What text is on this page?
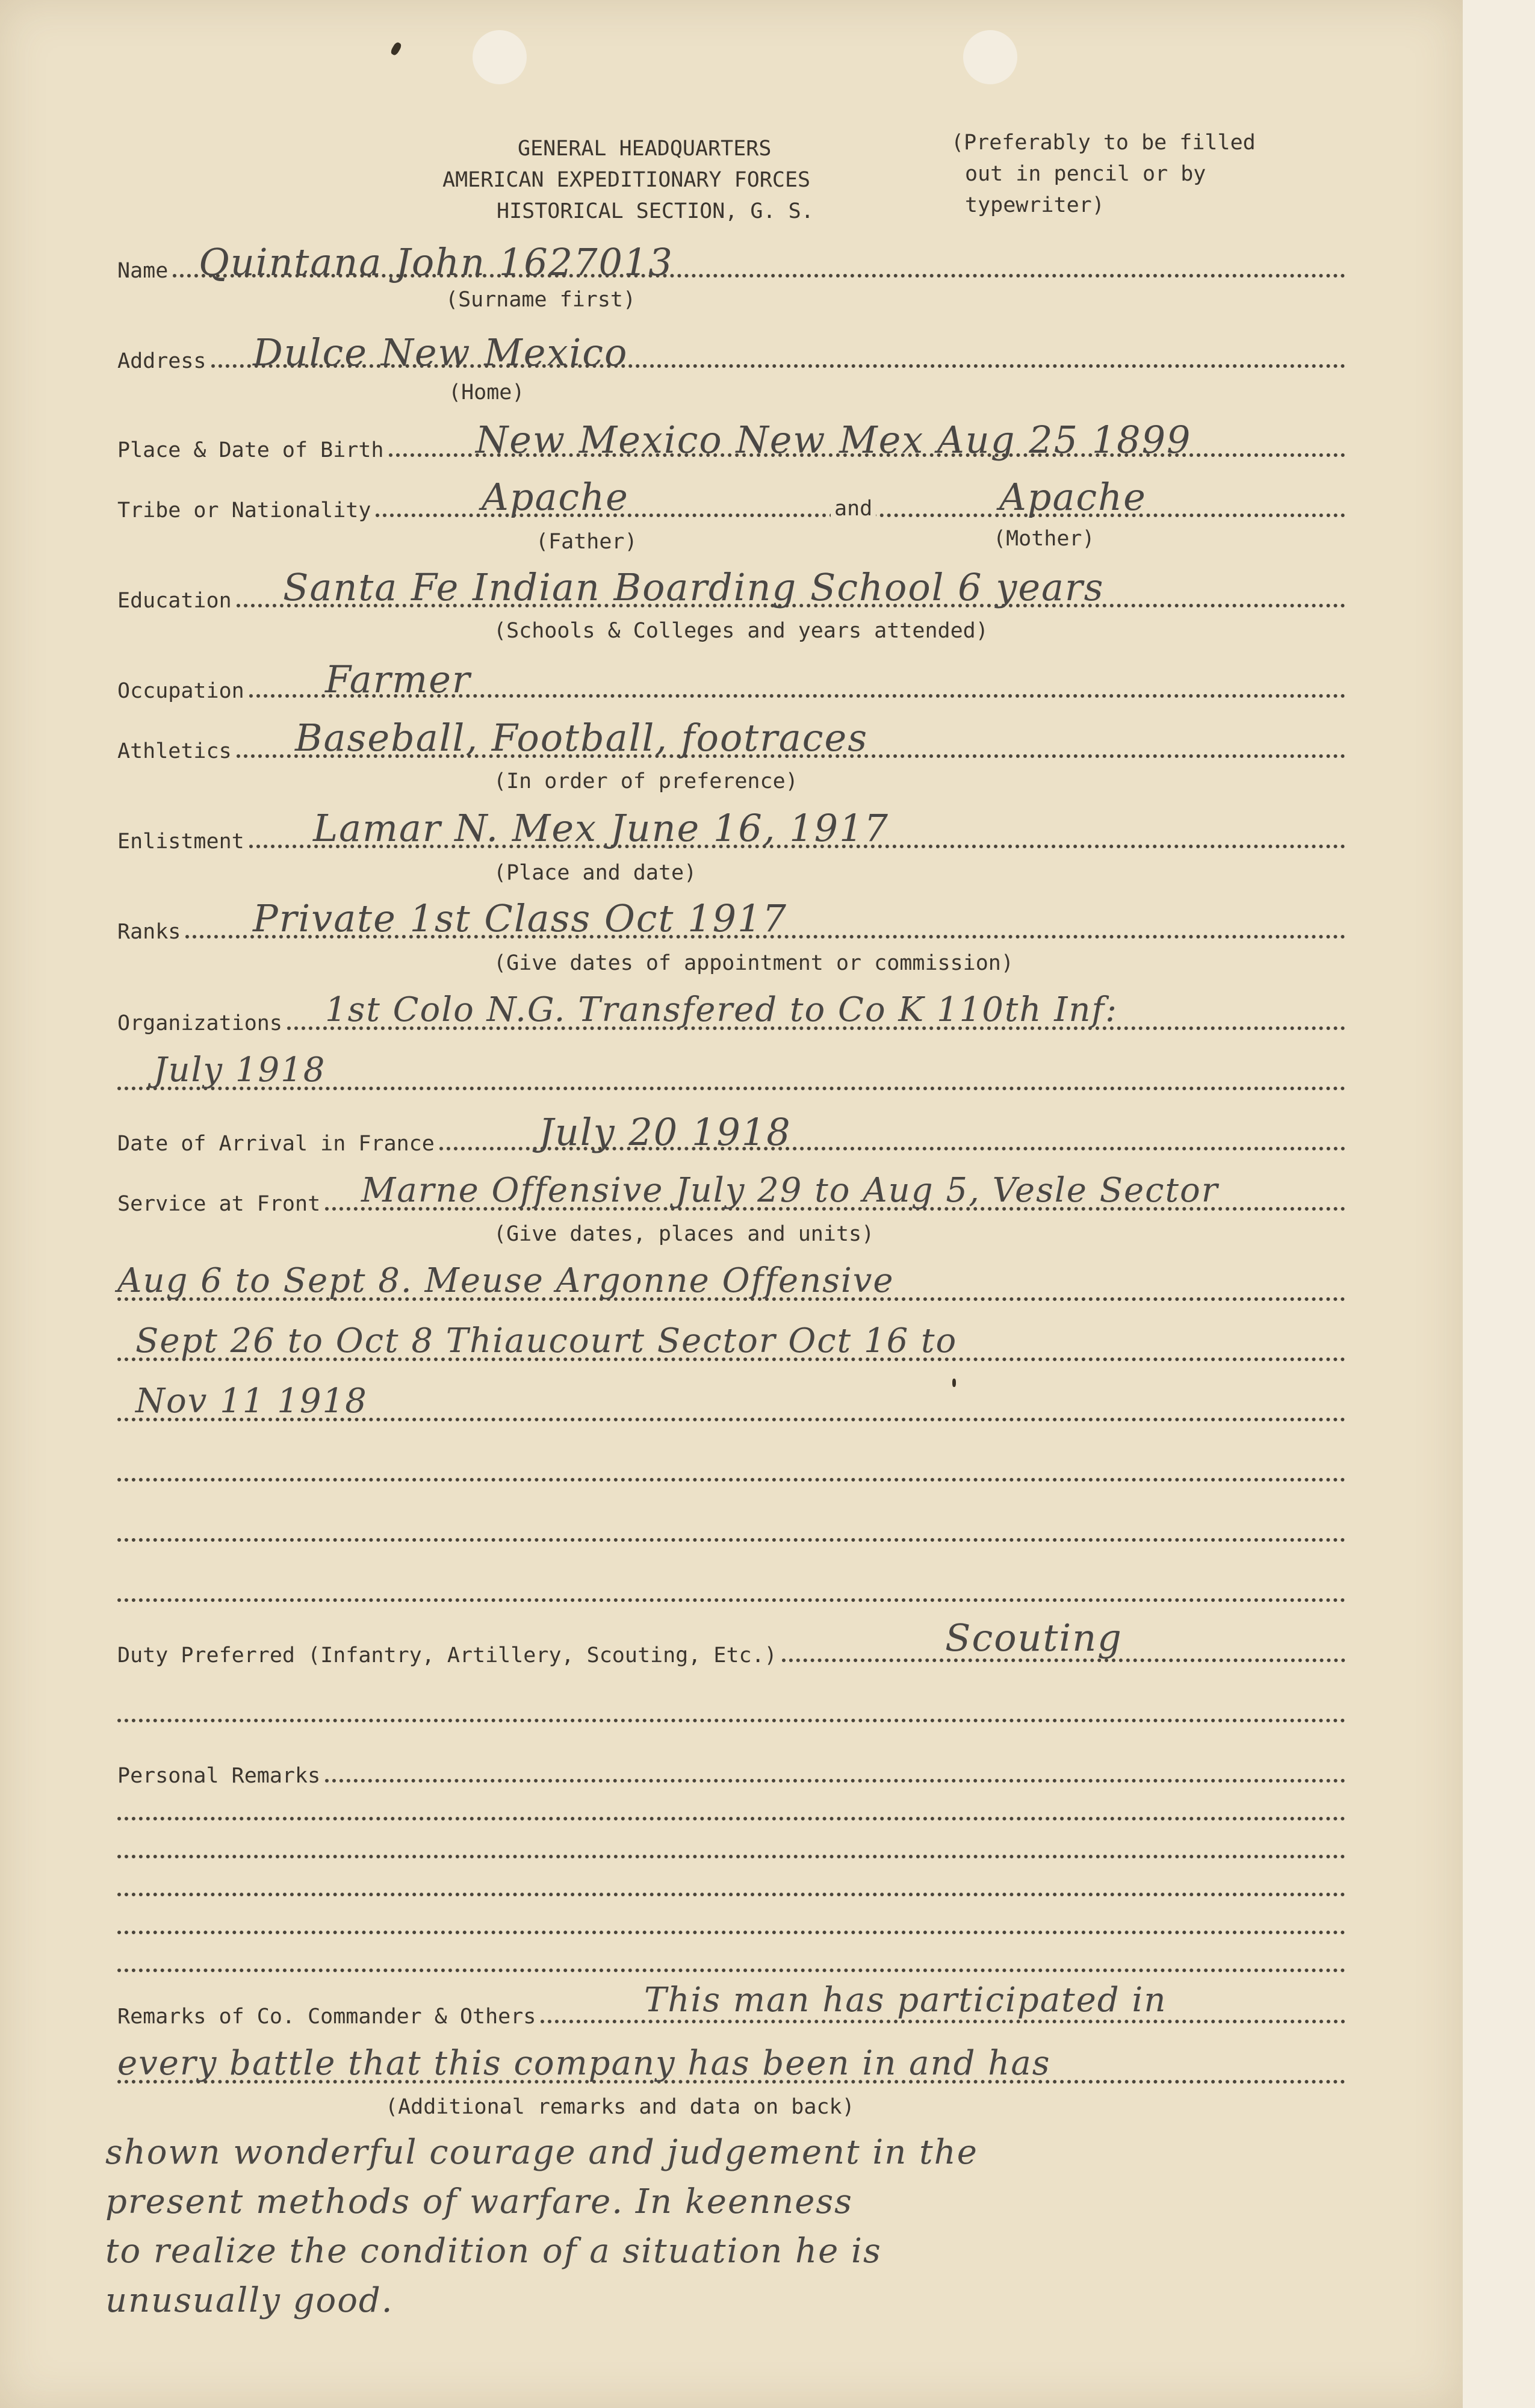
GENERAL HEADQUARTERS
AMERICAN EXPEDITIONARY FORCES
HISTORICAL SECTION, G. S.
(Preferably to be filled
out in pencil or by
typewriter)
Name Quintana John 1627013
(Surname first)
Address Dulce New Mexico
(Home)
Place & Date of Birth New Mexico New Mex Aug 25 1899
Tribe or Nationality	and
Apache	Apache
(Father)	(Mother)
Education Santa Fe Indian Boarding School 6 years
(Schools & Colleges and years attended)
Occupation Farmer
Athletics Baseball, Football, footraces
(In order of preference)
Enlistment Lamar N. Mex June 16, 1917
(Place and date)
Ranks Private 1st Class Oct 1917
(Give dates of appointment or commission)
Organizations 1st Colo N.G. Transfered to Co K 110th Inf:
July 1918
Date of Arrival in France	July 20 1918
Service at Front Marne Offensive July 29 to Aug 5, Vesle Sector
(Give dates, places and units)
Aug 6 to Sept 8. Meuse Argonne Offensive
Sept 26 to Oct 8 Thiaucourt Sector Oct 16 to
Nov 11 1918
Duty Preferred (Infantry, Artillery, Scouting, Etc.)	Scouting
Personal Remarks
Remarks of Co. Commander & Others	This man has participated in
every battle that this company has been in and has
(Additional remarks and data on back)
shown wonderful courage and judgement in the
present methods of warfare. In keenness
to realize the condition of a situation he is
unusually good.
